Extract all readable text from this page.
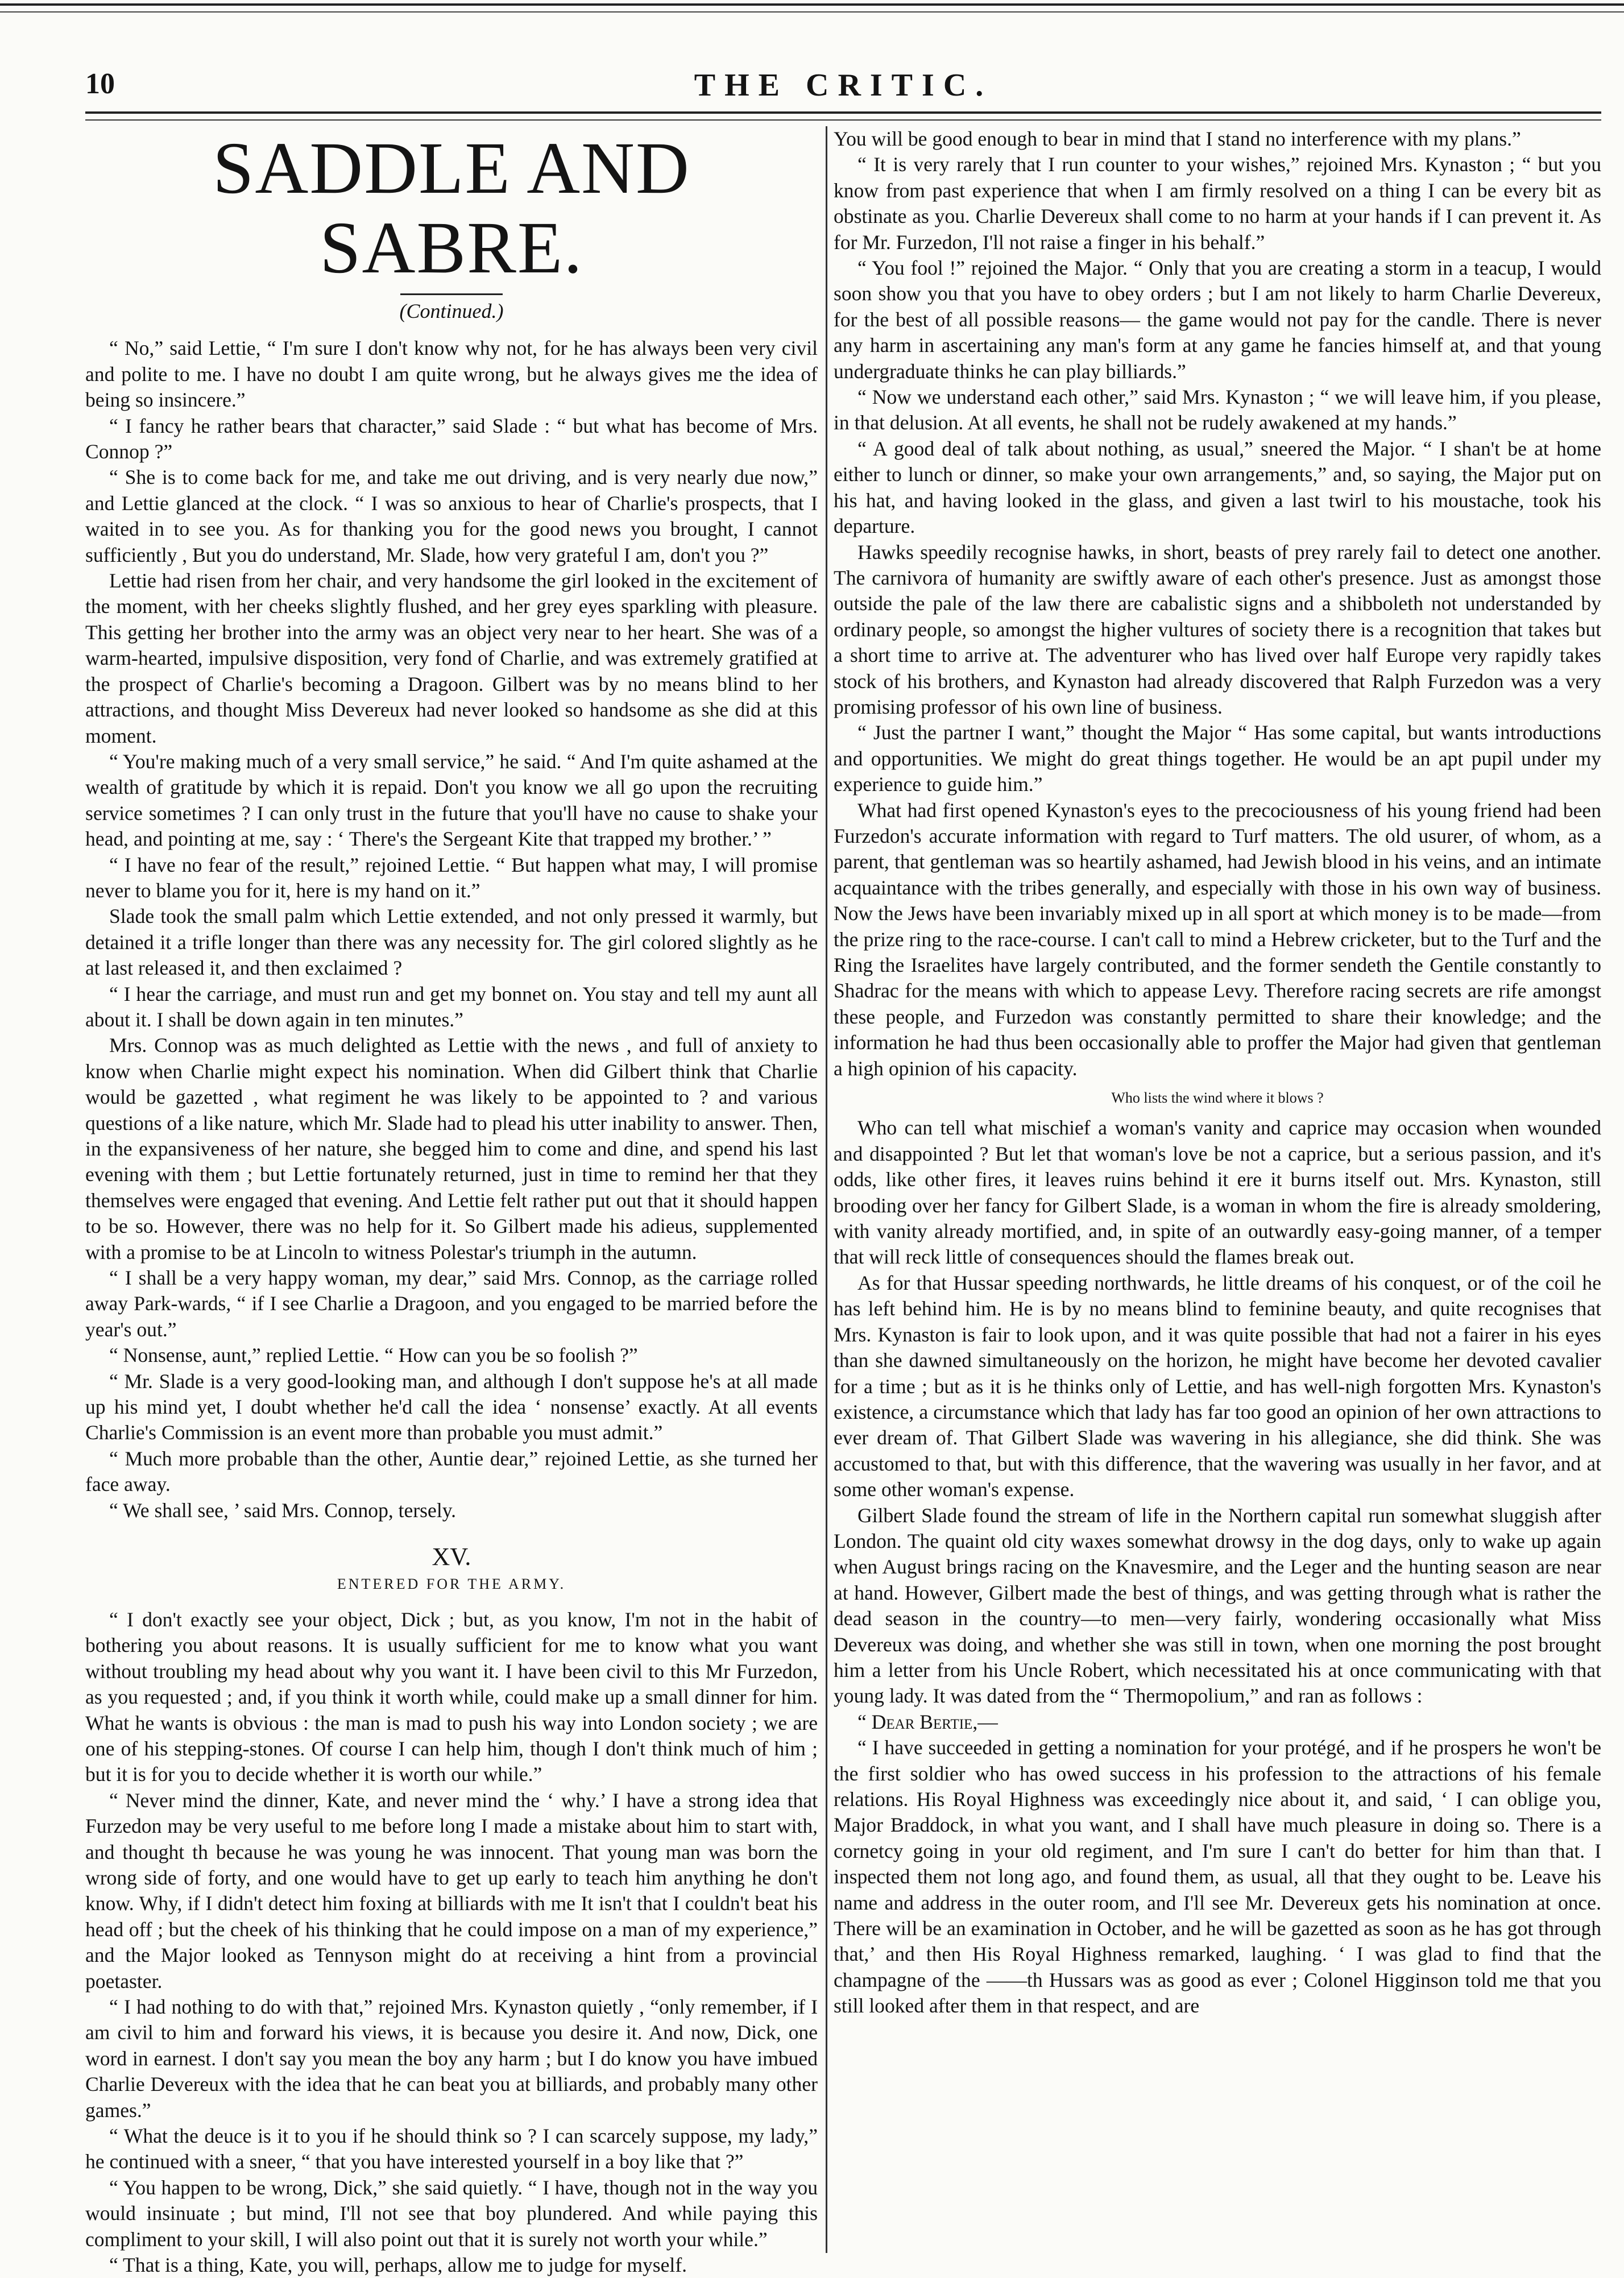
10	THE CRITIC.
SADDLE AND SABRE.
(Continued.)

“ No,” said Lettie, “ I'm sure I don't know why not, for he has always been very civil and polite to me. I have no doubt I am quite wrong, but he always gives me the idea of being so insincere.”

“ I fancy he rather bears that character,” said Slade : “ but what has become of Mrs. Connop ?”

“ She is to come back for me, and take me out driving, and is very nearly due now,” and Lettie glanced at the clock. “ I was so anxious to hear of Charlie's prospects, that I waited in to see you. As for thanking you for the good news you brought, I cannot sufficiently , But you do understand, Mr. Slade, how very grateful I am, don't you ?”

Lettie had risen from her chair, and very handsome the girl looked in the excitement of the moment, with her cheeks slightly flushed, and her grey eyes sparkling with pleasure. This getting her brother into the army was an object very near to her heart. She was of a warm-hearted, impulsive disposition, very fond of Charlie, and was extremely gratified at the prospect of Charlie's becoming a Dragoon. Gilbert was by no means blind to her attractions, and thought Miss Devereux had never looked so handsome as she did at this moment.

“ You're making much of a very small service,” he said. “ And I'm quite ashamed at the wealth of gratitude by which it is repaid. Don't you know we all go upon the recruiting service sometimes ? I can only trust in the future that you'll have no cause to shake your head, and pointing at me, say : ‘ There's the Sergeant Kite that trapped my brother.’ ”

“ I have no fear of the result,” rejoined Lettie. “ But happen what may, I will promise never to blame you for it, here is my hand on it.”

Slade took the small palm which Lettie extended, and not only pressed it warmly, but detained it a trifle longer than there was any necessity for. The girl colored slightly as he at last released it, and then exclaimed ?

“ I hear the carriage, and must run and get my bonnet on. You stay and tell my aunt all about it. I shall be down again in ten minutes.”

Mrs. Connop was as much delighted as Lettie with the news , and full of anxiety to know when Charlie might expect his nomination. When did Gilbert think that Charlie would be gazetted , what regiment he was likely to be appointed to ? and various questions of a like nature, which Mr. Slade had to plead his utter inability to answer. Then, in the expansiveness of her nature, she begged him to come and dine, and spend his last evening with them ; but Lettie fortunately returned, just in time to remind her that they themselves were engaged that evening. And Lettie felt rather put out that it should happen to be so. However, there was no help for it. So Gilbert made his adieus, supplemented with a promise to be at Lincoln to witness Polestar's triumph in the autumn.

“ I shall be a very happy woman, my dear,” said Mrs. Connop, as the carriage rolled away Park-wards, “ if I see Charlie a Dragoon, and you engaged to be married before the year's out.”

“ Nonsense, aunt,” replied Lettie. “ How can you be so foolish ?”

“ Mr. Slade is a very good-looking man, and although I don't suppose he's at all made up his mind yet, I doubt whether he'd call the idea ‘ nonsense’ exactly. At all events Charlie's Commission is an event more than probable you must admit.”

“ Much more probable than the other, Auntie dear,” rejoined Lettie, as she turned her face away.

“ We shall see, ’ said Mrs. Connop, tersely.

XV.
ENTERED FOR THE ARMY.

“ I don't exactly see your object, Dick ; but, as you know, I'm not in the habit of bothering you about reasons. It is usually sufficient for me to know what you want without troubling my head about why you want it. I have been civil to this Mr Furzedon, as you requested ; and, if you think it worth while, could make up a small dinner for him. What he wants is obvious : the man is mad to push his way into London society ; we are one of his stepping-stones. Of course I can help him, though I don't think much of him ; but it is for you to decide whether it is worth our while.”

“ Never mind the dinner, Kate, and never mind the ‘ why.’ I have a strong idea that Furzedon may be very useful to me before long I made a mistake about him to start with, and thought th because he was young he was innocent. That young man was born the wrong side of forty, and one would have to get up early to teach him anything he don't know. Why, if I didn't detect him foxing at billiards with me It isn't that I couldn't beat his head off ; but the cheek of his thinking that he could impose on a man of my experience,” and the Major looked as Tennyson might do at receiving a hint from a provincial poetaster.

“ I had nothing to do with that,” rejoined Mrs. Kynaston quietly , “only remember, if I am civil to him and forward his views, it is because you desire it. And now, Dick, one word in earnest. I don't say you mean the boy any harm ; but I do know you have imbued Charlie Devereux with the idea that he can beat you at billiards, and probably many other games.”

“ What the deuce is it to you if he should think so ? I can scarcely suppose, my lady,” he continued with a sneer, “ that you have interested yourself in a boy like that ?”

“ You happen to be wrong, Dick,” she said quietly. “ I have, though not in the way you would insinuate ; but mind, I'll not see that boy plundered. And while paying this compliment to your skill, I will also point out that it is surely not worth your while.”

“ That is a thing, Kate, you will, perhaps, allow me to judge for myself.

You will be good enough to bear in mind that I stand no interference with my plans.”

“ It is very rarely that I run counter to your wishes,” rejoined Mrs. Kynaston ; “ but you know from past experience that when I am firmly resolved on a thing I can be every bit as obstinate as you. Charlie Devereux shall come to no harm at your hands if I can prevent it. As for Mr. Furzedon, I'll not raise a finger in his behalf.”

“ You fool !” rejoined the Major. “ Only that you are creating a storm in a teacup, I would soon show you that you have to obey orders ; but I am not likely to harm Charlie Devereux, for the best of all possible reasons— the game would not pay for the candle. There is never any harm in ascertaining any man's form at any game he fancies himself at, and that young undergraduate thinks he can play billiards.”

“ Now we understand each other,” said Mrs. Kynaston ; “ we will leave him, if you please, in that delusion. At all events, he shall not be rudely awakened at my hands.”

“ A good deal of talk about nothing, as usual,” sneered the Major. “ I shan't be at home either to lunch or dinner, so make your own arrangements,” and, so saying, the Major put on his hat, and having looked in the glass, and given a last twirl to his moustache, took his departure.

Hawks speedily recognise hawks, in short, beasts of prey rarely fail to detect one another. The carnivora of humanity are swiftly aware of each other's presence. Just as amongst those outside the pale of the law there are cabalistic signs and a shibboleth not understanded by ordinary people, so amongst the higher vultures of society there is a recognition that takes but a short time to arrive at. The adventurer who has lived over half Europe very rapidly takes stock of his brothers, and Kynaston had already discovered that Ralph Furzedon was a very promising professor of his own line of business.

“ Just the partner I want,” thought the Major “ Has some capital, but wants introductions and opportunities. We might do great things together. He would be an apt pupil under my experience to guide him.”

What had first opened Kynaston's eyes to the precociousness of his young friend had been Furzedon's accurate information with regard to Turf matters. The old usurer, of whom, as a parent, that gentleman was so heartily ashamed, had Jewish blood in his veins, and an intimate acquaintance with the tribes generally, and especially with those in his own way of business. Now the Jews have been invariably mixed up in all sport at which money is to be made—from the prize ring to the race-course. I can't call to mind a Hebrew cricketer, but to the Turf and the Ring the Israelites have largely contributed, and the former sendeth the Gentile constantly to Shadrac for the means with which to appease Levy. Therefore racing secrets are rife amongst these people, and Furzedon was constantly permitted to share their knowledge; and the information he had thus been occasionally able to proffer the Major had given that gentleman a high opinion of his capacity.

Who lists the wind where it blows ?

Who can tell what mischief a woman's vanity and caprice may occasion when wounded and disappointed ? But let that woman's love be not a caprice, but a serious passion, and it's odds, like other fires, it leaves ruins behind it ere it burns itself out. Mrs. Kynaston, still brooding over her fancy for Gilbert Slade, is a woman in whom the fire is already smoldering, with vanity already mortified, and, in spite of an outwardly easy-going manner, of a temper that will reck little of consequences should the flames break out.

As for that Hussar speeding northwards, he little dreams of his conquest, or of the coil he has left behind him. He is by no means blind to feminine beauty, and quite recognises that Mrs. Kynaston is fair to look upon, and it was quite possible that had not a fairer in his eyes than she dawned simultaneously on the horizon, he might have become her devoted cavalier for a time ; but as it is he thinks only of Lettie, and has well-nigh forgotten Mrs. Kynaston's existence, a circumstance which that lady has far too good an opinion of her own attractions to ever dream of. That Gilbert Slade was wavering in his allegiance, she did think. She was accustomed to that, but with this difference, that the wavering was usually in her favor, and at some other woman's expense.

Gilbert Slade found the stream of life in the Northern capital run somewhat sluggish after London. The quaint old city waxes somewhat drowsy in the dog days, only to wake up again when August brings racing on the Knavesmire, and the Leger and the hunting season are near at hand. However, Gilbert made the best of things, and was getting through what is rather the dead season in the country—to men—very fairly, wondering occasionally what Miss Devereux was doing, and whether she was still in town, when one morning the post brought him a letter from his Uncle Robert, which necessitated his at once communicating with that young lady. It was dated from the “ Thermopolium,” and ran as follows :

“ Dear Bertie,—

“ I have succeeded in getting a nomination for your protégé, and if he prospers he won't be the first soldier who has owed success in his profession to the attractions of his female relations. His Royal Highness was exceedingly nice about it, and said, ‘ I can oblige you, Major Braddock, in what you want, and I shall have much pleasure in doing so. There is a cornetcy going in your old regiment, and I'm sure I can't do better for him than that. I inspected them not long ago, and found them, as usual, all that they ought to be. Leave his name and address in the outer room, and I'll see Mr. Devereux gets his nomination at once. There will be an examination in October, and he will be gazetted as soon as he has got through that,’ and then His Royal Highness remarked, laughing. ‘ I was glad to find that the champagne of the ——th Hussars was as good as ever ; Colonel Higginson told me that you still looked after them in that respect, and are
